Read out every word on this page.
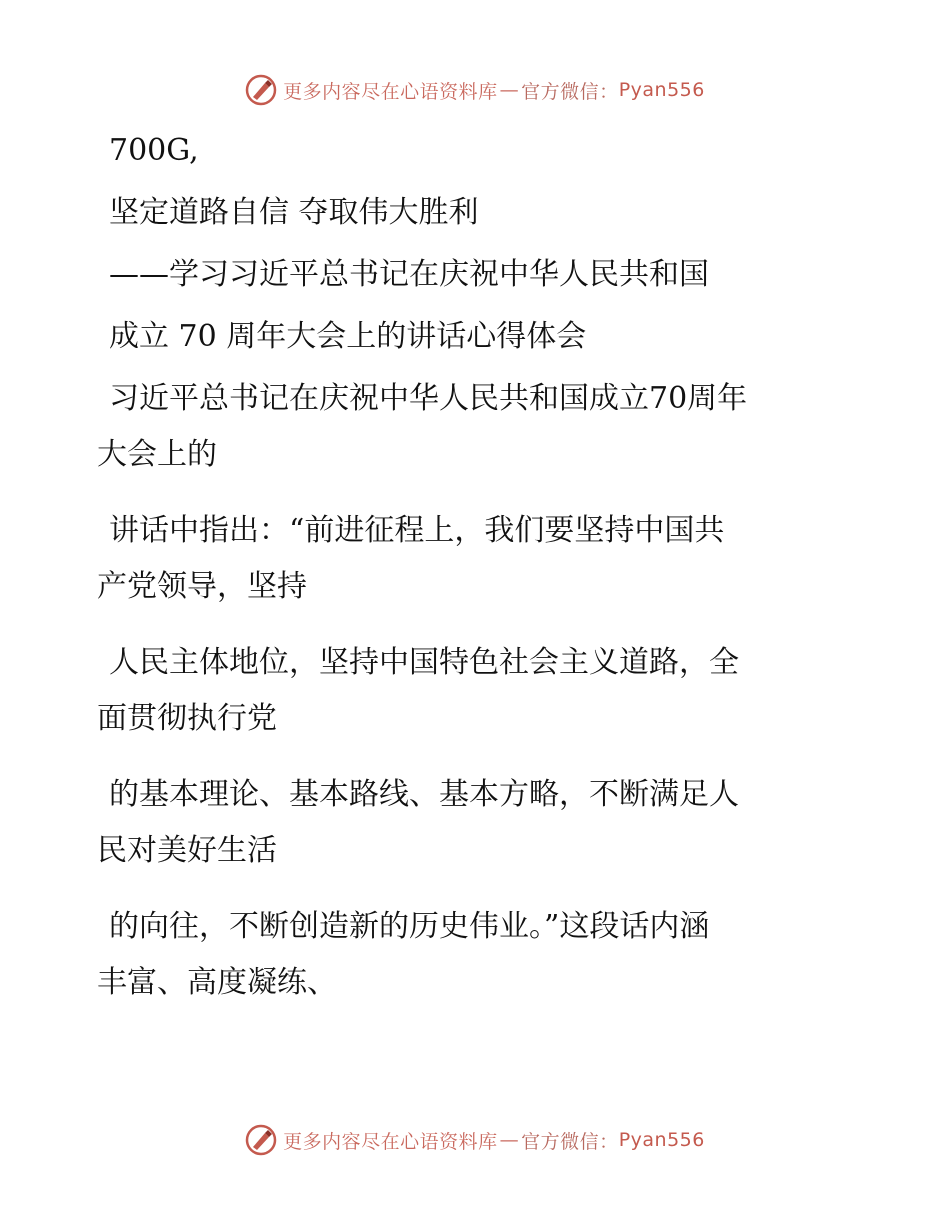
更多内容尽在心语资料库 — 官方微信： Pyan556

700G,

坚定道路自信 夺取伟大胜利

——学习习近平总书记在庆祝中华人民共和国

成立 70 周年大会上的讲话心得体会

习近平总书记在庆祝中华人民共和国成立70周年

大会上的

讲话中指出：“前进征程上，我们要坚持中国共

产党领导，坚持

人民主体地位，坚持中国特色社会主义道路，全

面贯彻执行党

的基本理论、基本路线、基本方略，不断满足人

民对美好生活

的向往，不断创造新的历史伟业。”这段话内涵

丰富、高度凝练、

更多内容尽在心语资料库 — 官方微信： Pyan556
